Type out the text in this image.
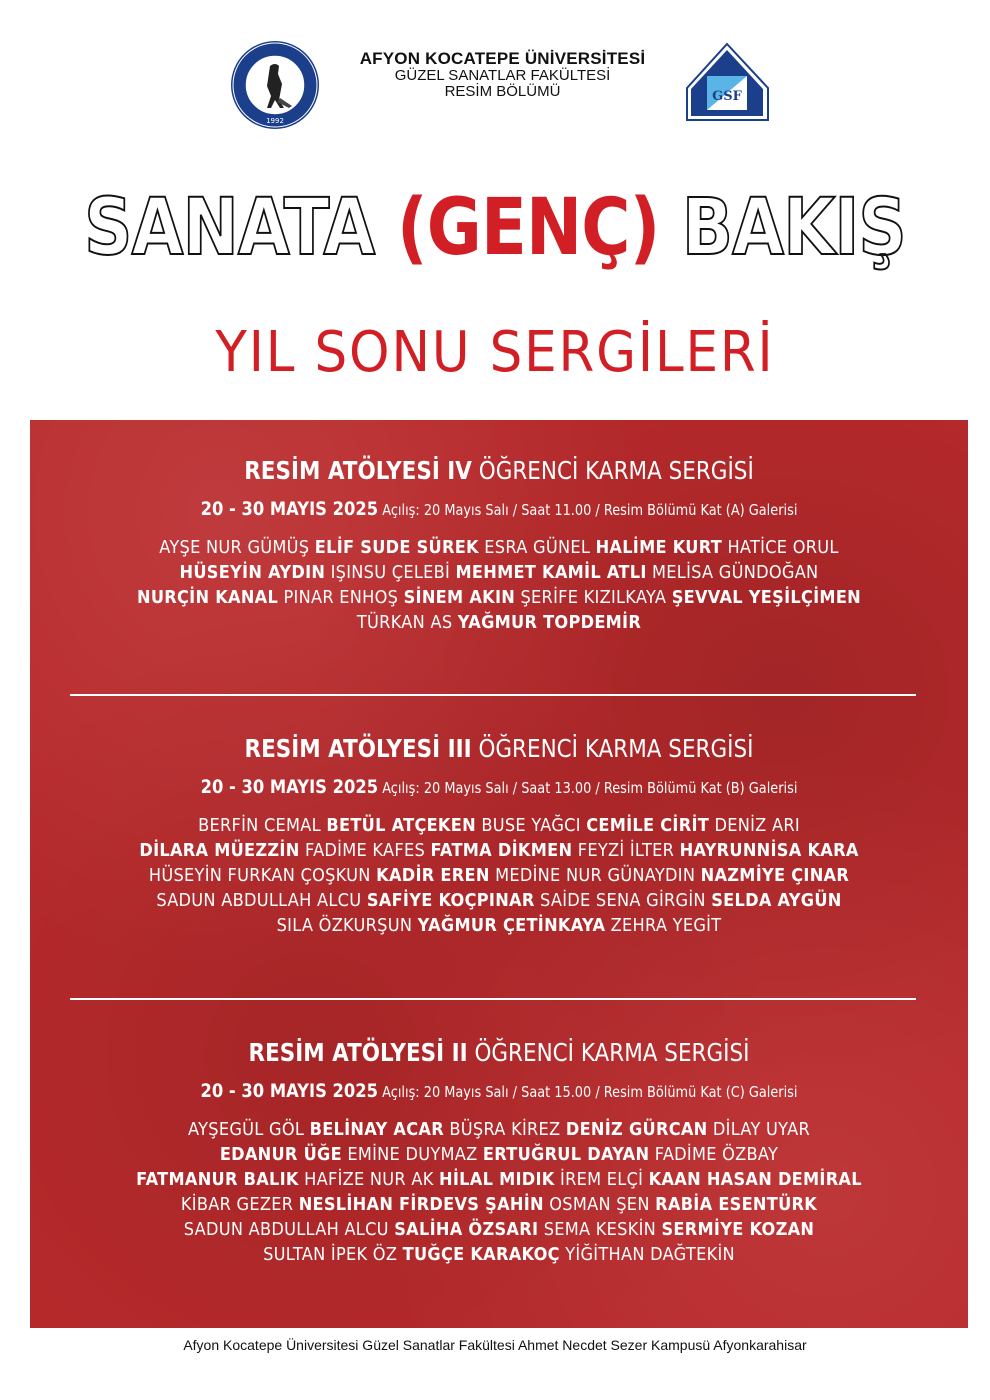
1992
AFYON KOCATEPE ÜNİVERSİTESİ
GÜZEL SANATLAR FAKÜLTESİ
RESİM BÖLÜMÜ	GSF
SANATA (GENÇ) BAKIŞ
YIL SONU SERGİLERİ
RESİM ATÖLYESİ IV ÖĞRENCİ KARMA SERGİSİ
20 - 30 MAYIS 2025 Açılış: 20 Mayıs Salı / Saat 11.00 / Resim Bölümü Kat (A) Galerisi
AYŞE NUR GÜMÜŞ ELİF SUDE SÜREK ESRA GÜNEL HALİME KURT HATİCE ORUL
HÜSEYİN AYDIN IŞINSU ÇELEBİ MEHMET KAMİL ATLI MELİSA GÜNDOĞAN
NURÇİN KANAL PINAR ENHOŞ SİNEM AKIN ŞERİFE KIZILKAYA ŞEVVAL YEŞİLÇİMEN
TÜRKAN AS YAĞMUR TOPDEMİR
RESİM ATÖLYESİ III ÖĞRENCİ KARMA SERGİSİ
20 - 30 MAYIS 2025 Açılış: 20 Mayıs Salı / Saat 13.00 / Resim Bölümü Kat (B) Galerisi
BERFİN CEMAL BETÜL ATÇEKEN BUSE YAĞCI CEMİLE CİRİT DENİZ ARI
DİLARA MÜEZZİN FADİME KAFES FATMA DİKMEN FEYZİ İLTER HAYRUNNİSA KARA
HÜSEYİN FURKAN ÇOŞKUN KADİR EREN MEDİNE NUR GÜNAYDIN NAZMİYE ÇINAR
SADUN ABDULLAH ALCU SAFİYE KOÇPINAR SAİDE SENA GİRGİN SELDA AYGÜN
SILA ÖZKURŞUN YAĞMUR ÇETİNKAYA ZEHRA YEGİT
RESİM ATÖLYESİ II ÖĞRENCİ KARMA SERGİSİ
20 - 30 MAYIS 2025 Açılış: 20 Mayıs Salı / Saat 15.00 / Resim Bölümü Kat (C) Galerisi
AYŞEGÜL GÖL BELİNAY ACAR BÜŞRA KİREZ DENİZ GÜRCAN DİLAY UYAR
EDANUR ÜĞE EMİNE DUYMAZ ERTUĞRUL DAYAN FADİME ÖZBAY
FATMANUR BALIK HAFİZE NUR AK HİLAL MIDIK İREM ELÇİ KAAN HASAN DEMİRAL
KİBAR GEZER NESLİHAN FİRDEVS ŞAHİN OSMAN ŞEN RABİA ESENTÜRK
SADUN ABDULLAH ALCU SALİHA ÖZSARI SEMA KESKİN SERMİYE KOZAN
SULTAN İPEK ÖZ TUĞÇE KARAKOÇ YİĞİTHAN DAĞTEKİN
Afyon Kocatepe Üniversitesi Güzel Sanatlar Fakültesi Ahmet Necdet Sezer Kampusü Afyonkarahisar
